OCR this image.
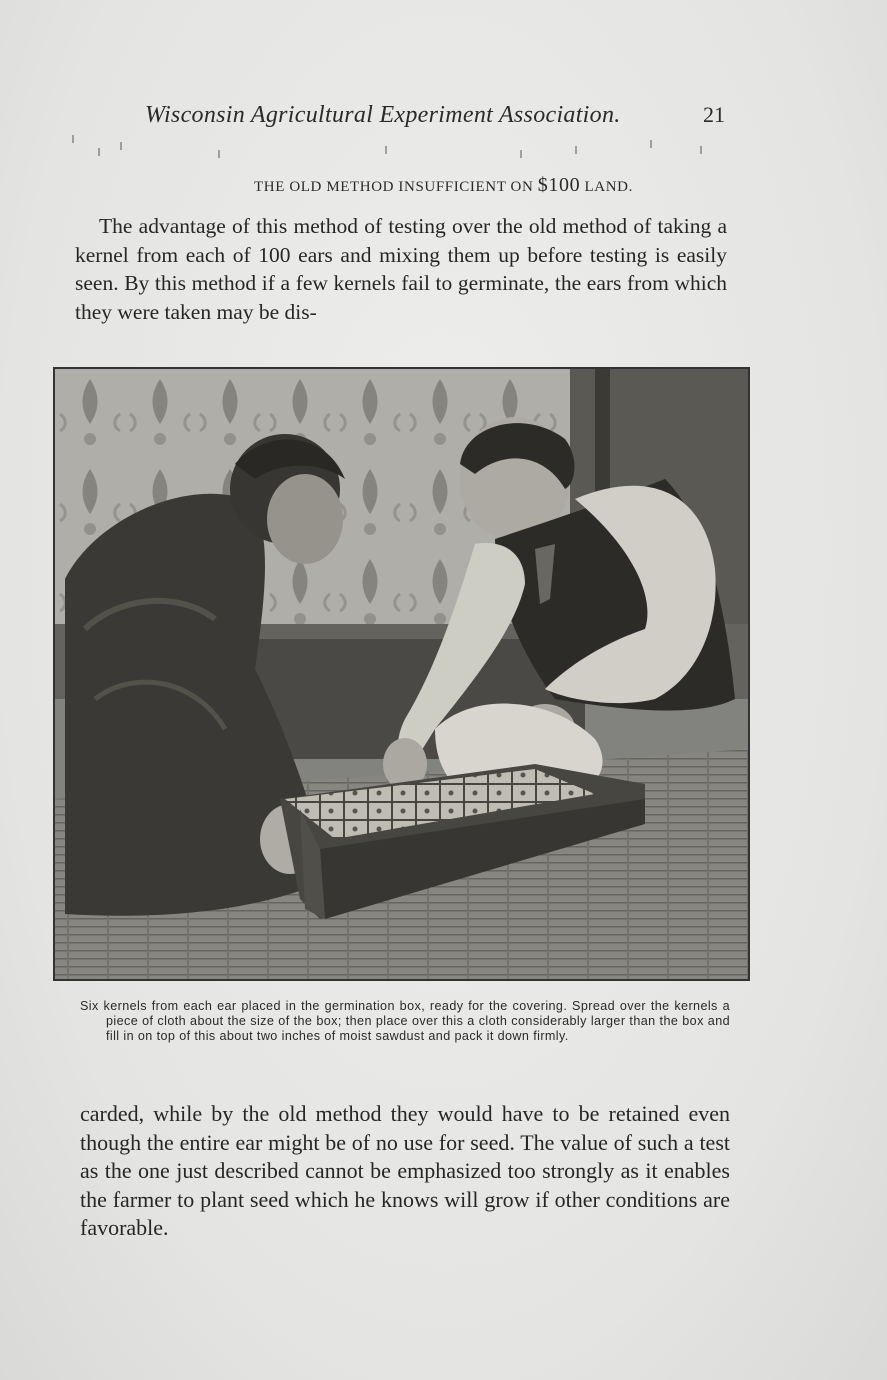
Wisconsin Agricultural Experiment Association.	21
THE OLD METHOD INSUFFICIENT ON $100 LAND.
The advantage of this method of testing over the old method of taking a kernel from each of 100 ears and mixing them up before testing is easily seen. By this method if a few kernels fail to germinate, the ears from which they were taken may be dis-
Six kernels from each ear placed in the germination box, ready for the covering. Spread over the kernels a piece of cloth about the size of the box; then place over this a cloth considerably larger than the box and fill in on top of this about two inches of moist sawdust and pack it down firmly.
carded, while by the old method they would have to be retained even though the entire ear might be of no use for seed. The value of such a test as the one just described cannot be emphasized too strongly as it enables the farmer to plant seed which he knows will grow if other conditions are favorable.
